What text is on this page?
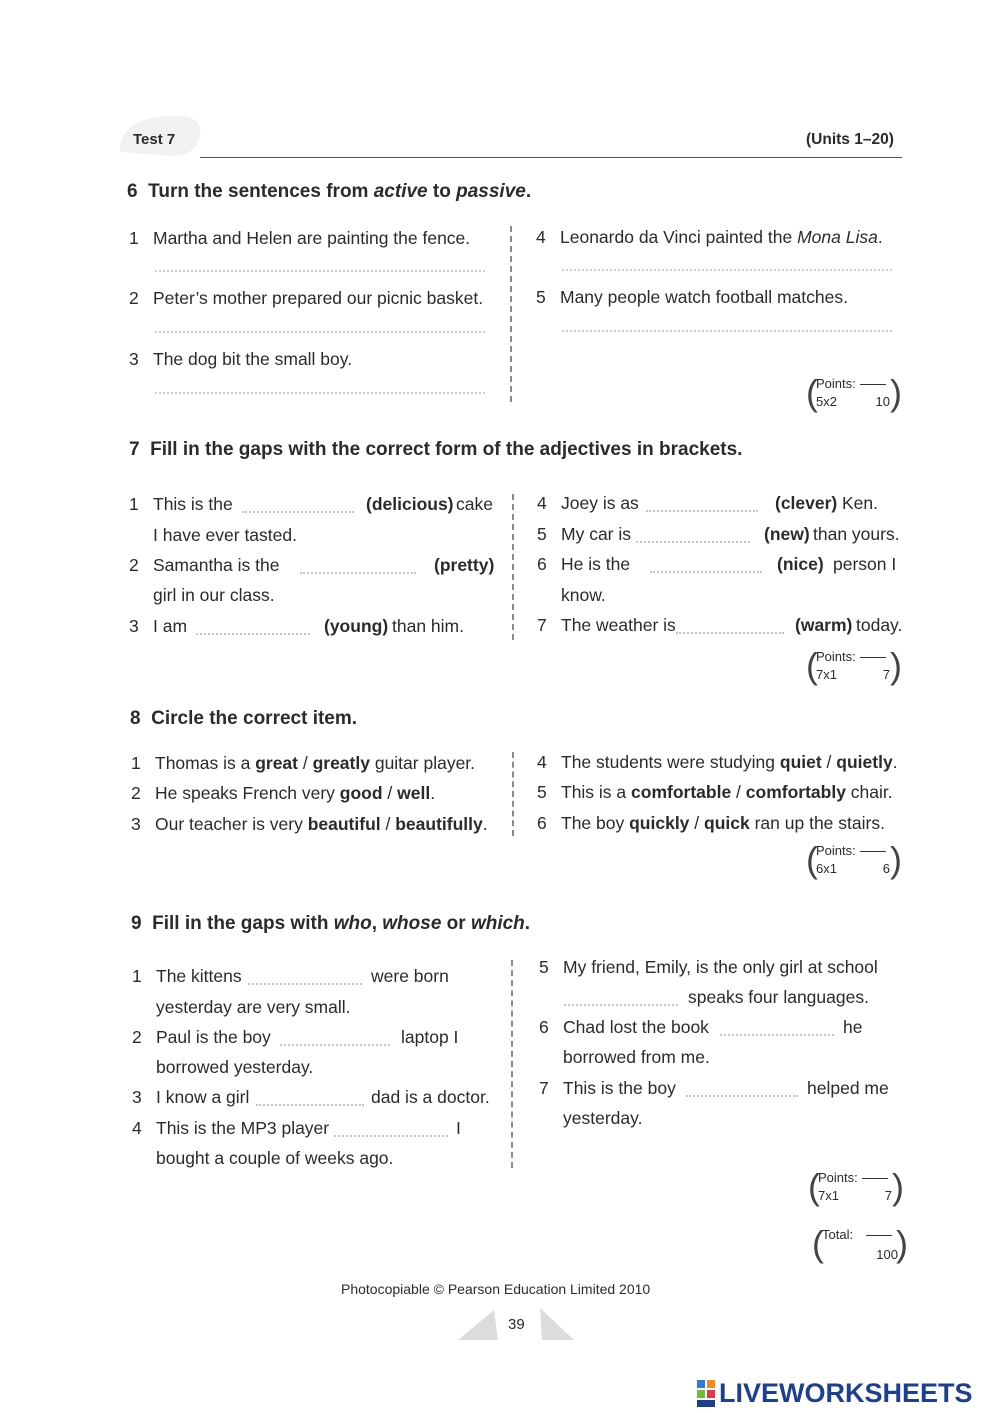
Test 7	(Units 1–20)
6 Turn the sentences from active to passive.
1 Martha and Helen are painting the fence.
2 Peter’s mother prepared our picnic basket.
3 The dog bit the small boy.
4 Leonardo da Vinci painted the Mona Lisa.
5 Many people watch football matches.
( )
Points:
5x2	10
7 Fill in the gaps with the correct form of the adjectives in brackets.
1 This is the	(delicious) cake
I have ever tasted.
2 Samantha is the	(pretty)
girl in our class.
3 I am	(young) than him.
4 Joey is as	(clever) Ken.
5 My car is	(new) than yours.
6 He is the	(nice) person I
know.
7 The weather is	(warm) today.
( )
Points:
7x1	7
8 Circle the correct item.
1 Thomas is a great / greatly guitar player.
2 He speaks French very good / well.
3 Our teacher is very beautiful / beautifully.
4 The students were studying quiet / quietly.
5 This is a comfortable / comfortably chair.
6 The boy quickly / quick ran up the stairs.
( )
Points:
6x1	6
9 Fill in the gaps with who, whose or which.
1 The kittens	were born
yesterday are very small.
2 Paul is the boy	laptop I
borrowed yesterday.
3 I know a girl	dad is a doctor.
4 This is the MP3 player	I
bought a couple of weeks ago.
5 My friend, Emily, is the only girl at school
speaks four languages.
6 Chad lost the book	he
borrowed from me.
7 This is the boy	helped me
yesterday.
( )
Points:
7x1	7
( )
Total:
100
Photocopiable © Pearson Education Limited 2010
39
LIVEWORKSHEETS
